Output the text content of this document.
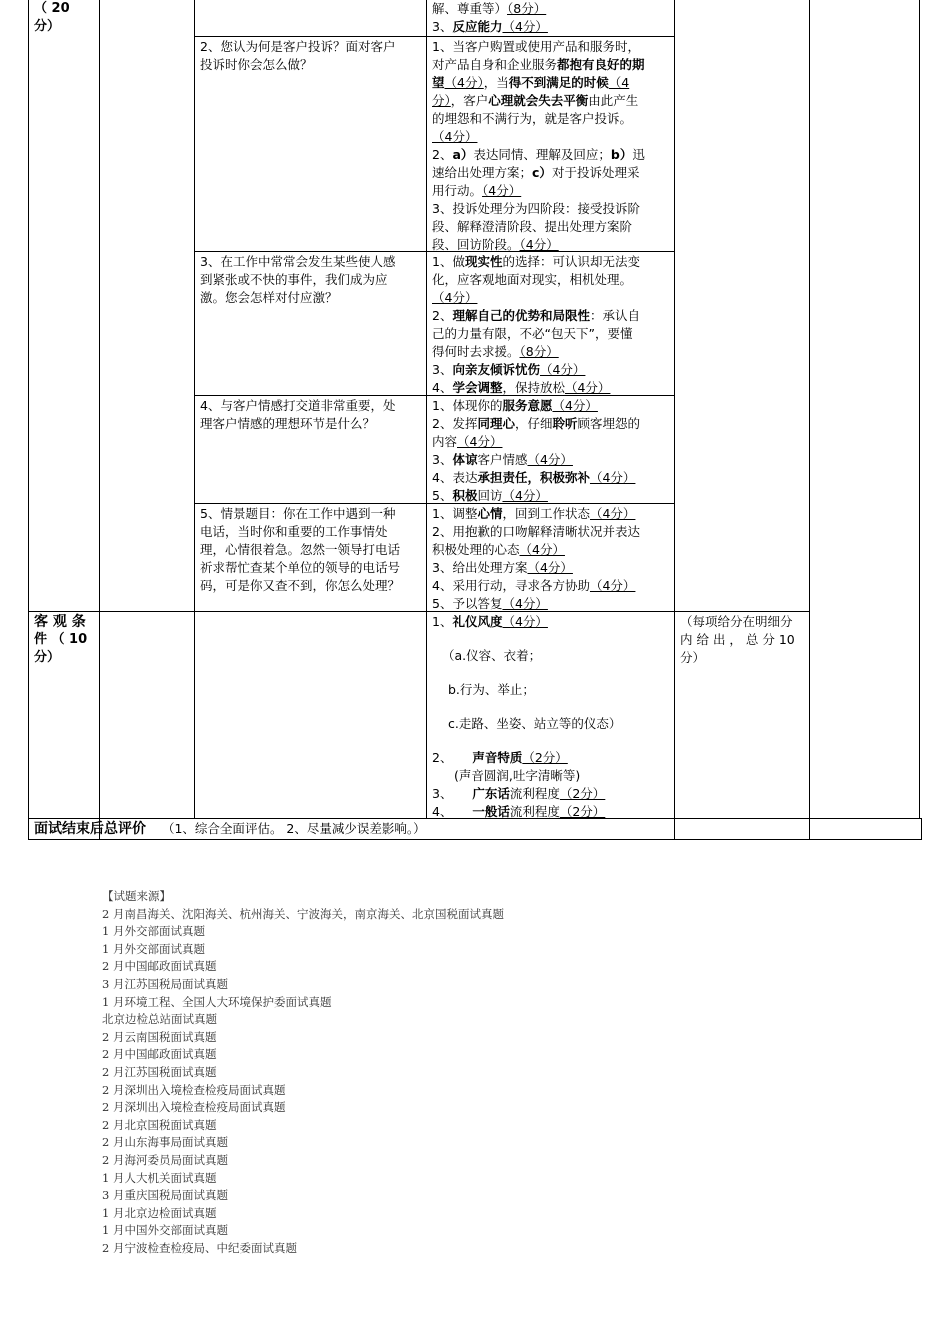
（ 20
分）
解、尊重等）（8分）
3、反应能力（4分）
2、您认为何是客户投诉？面对客户
投诉时你会怎么做？
1、当客户购置或使用产品和服务时，
对产品自身和企业服务都抱有良好的期
望（4分），当得不到满足的时候（4
分），客户心理就会失去平衡由此产生
的埋怨和不满行为，就是客户投诉。
（4分）
2、a）表达同情、理解及回应；b）迅
速给出处理方案；c）对于投诉处理采
用行动。（4分）
3、投诉处理分为四阶段：接受投诉阶
段、解释澄清阶段、提出处理方案阶
段、回访阶段。（4分）
3、在工作中常常会发生某些使人感
到紧张或不快的事件，我们成为应
激。您会怎样对付应激？
1、做现实性的选择：可认识却无法变
化，应客观地面对现实，相机处理。
（4分）
2、理解自己的优势和局限性：承认自
己的力量有限，不必“包天下”，要懂
得何时去求援。（8分）
3、向亲友倾诉忧伤（4分）
4、学会调整，保持放松（4分）
4、与客户情感打交道非常重要，处
理客户情感的理想环节是什么？
1、体现你的服务意愿（4分）
2、发挥同理心，仔细聆听顾客埋怨的
内容（4分）
3、体谅客户情感（4分）
4、表达承担责任，积极弥补（4分）
5、积极回访（4分）
5、情景题目：你在工作中遇到一种
电话，当时你和重要的工作事情处
理，心情很着急。忽然一领导打电话
祈求帮忙查某个单位的领导的电话号
码，可是你又查不到，你怎么处理？
1、调整心情，回到工作状态（4分）
2、用抱歉的口吻解释清晰状况并表达
积极处理的心态（4分）
3、给出处理方案（4分）
4、采用行动，寻求各方协助（4分）
5、予以答复（4分）
客 观 条
件 （ 10
分）
1、礼仪风度（4分）
（a.仪容、衣着；
b.行为、举止；
c.走路、坐姿、站立等的仪态）
2、     声音特质（2分）
(声音圆润,吐字清晰等)
3、     广东话流利程度（2分）
4、     一般话流利程度（2分）
（每项给分在明细分
内 给 出 ， 总 分 10
分）
面试结束后总评价 （1、综合全面评估。 2、尽量减少误差影响。）
【试题来源】
2 月南昌海关、沈阳海关、杭州海关、宁波海关，南京海关、北京国税面试真题
1 月外交部面试真题
1 月外交部面试真题
2 月中国邮政面试真题
3 月江苏国税局面试真题
1 月环境工程、全国人大环境保护委面试真题
北京边检总站面试真题
2 月云南国税面试真题
2 月中国邮政面试真题
2 月江苏国税面试真题
2 月深圳出入境检查检疫局面试真题
2 月深圳出入境检查检疫局面试真题
2 月北京国税面试真题
2 月山东海事局面试真题
2 月海河委员局面试真题
1 月人大机关面试真题
3 月重庆国税局面试真题
1 月北京边检面试真题
1 月中国外交部面试真题
2 月宁波检查检疫局、中纪委面试真题
